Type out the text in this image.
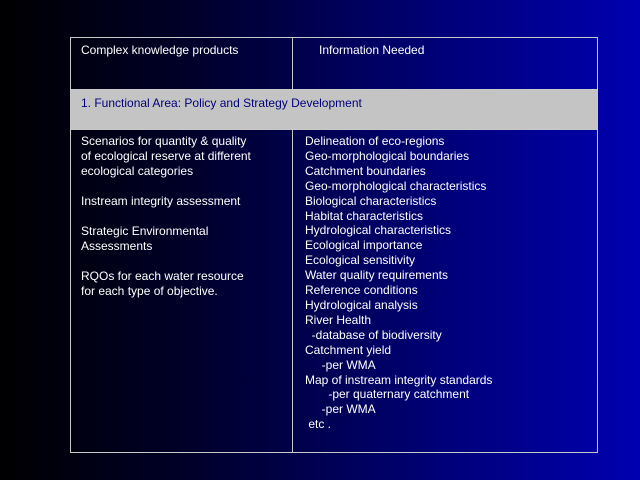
Complex knowledge products	Information Needed
1. Functional Area: Policy and Strategy Development
Scenarios for quantity & quality
of ecological reserve at different
ecological categories
Instream integrity assessment
Strategic Environmental
Assessments
RQOs for each water resource
for each type of objective.
Delineation of eco-regions
Geo-morphological boundaries
Catchment boundaries
Geo-morphological characteristics
Biological characteristics
Habitat characteristics
Hydrological characteristics
Ecological importance
Ecological sensitivity
Water quality requirements
Reference conditions
Hydrological analysis
River Health
-database of biodiversity
Catchment yield
-per WMA
Map of instream integrity standards
-per quaternary catchment
-per WMA
etc .
